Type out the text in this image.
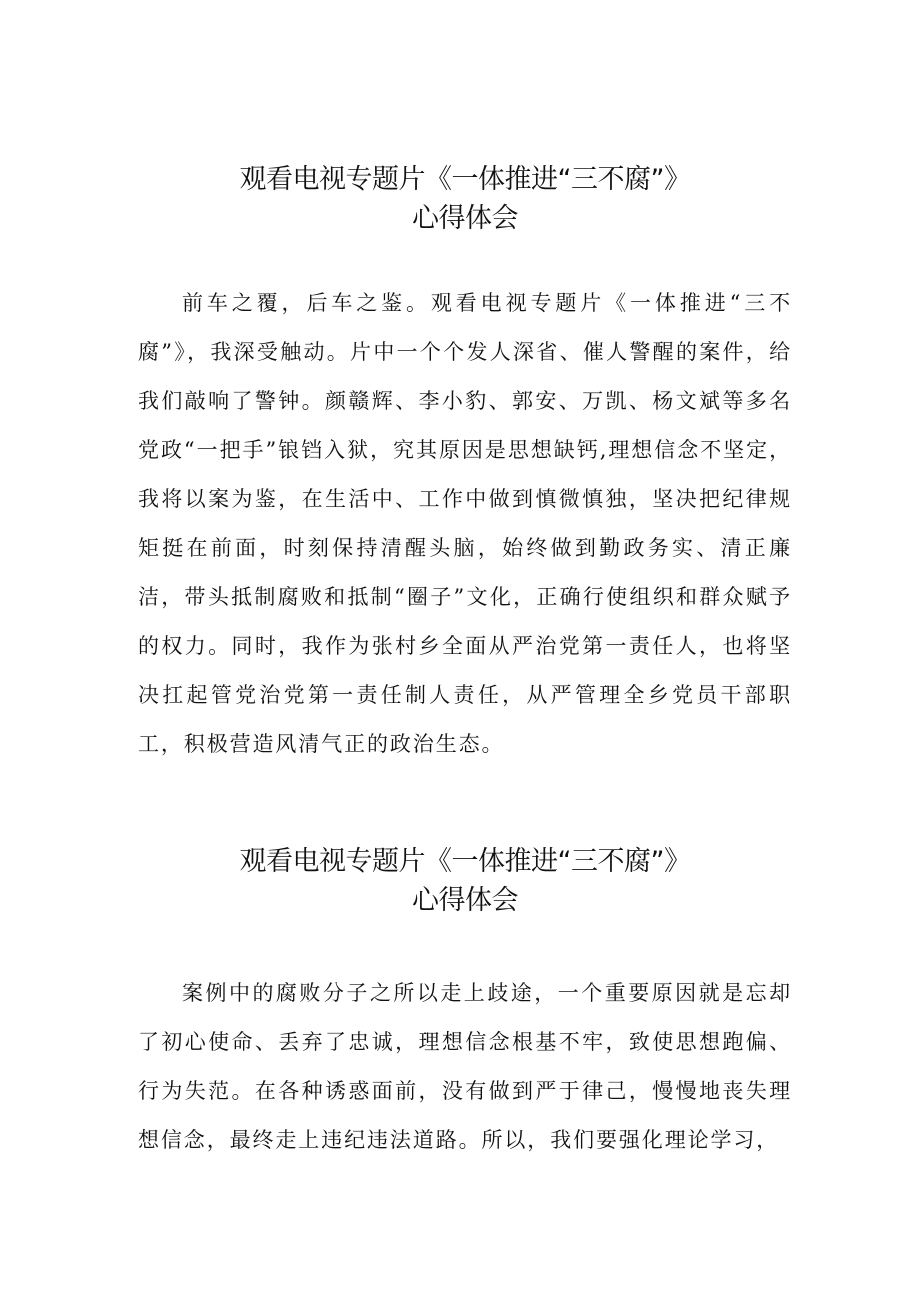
观看电视专题片《一体推进“三不腐”》
心得体会

前车之覆，后车之鉴。观看电视专题片《一体推进“三不腐”》，我深受触动。片中一个个发人深省、催人警醒的案件，给我们敲响了警钟。颜赣辉、李小豹、郭安、万凯、杨文斌等多名党政“一把手”锒铛入狱，究其原因是思想缺钙,理想信念不坚定，我将以案为鉴，在生活中、工作中做到慎微慎独，坚决把纪律规矩挺在前面，时刻保持清醒头脑，始终做到勤政务实、清正廉洁，带头抵制腐败和抵制“圈子”文化，正确行使组织和群众赋予的权力。同时，我作为张村乡全面从严治党第一责任人，也将坚决扛起管党治党第一责任制人责任，从严管理全乡党员干部职工，积极营造风清气正的政治生态。

观看电视专题片《一体推进“三不腐”》
心得体会

案例中的腐败分子之所以走上歧途，一个重要原因就是忘却了初心使命、丢弃了忠诚，理想信念根基不牢，致使思想跑偏、行为失范。在各种诱惑面前，没有做到严于律己，慢慢地丧失理想信念，最终走上违纪违法道路。所以，我们要强化理论学习，
